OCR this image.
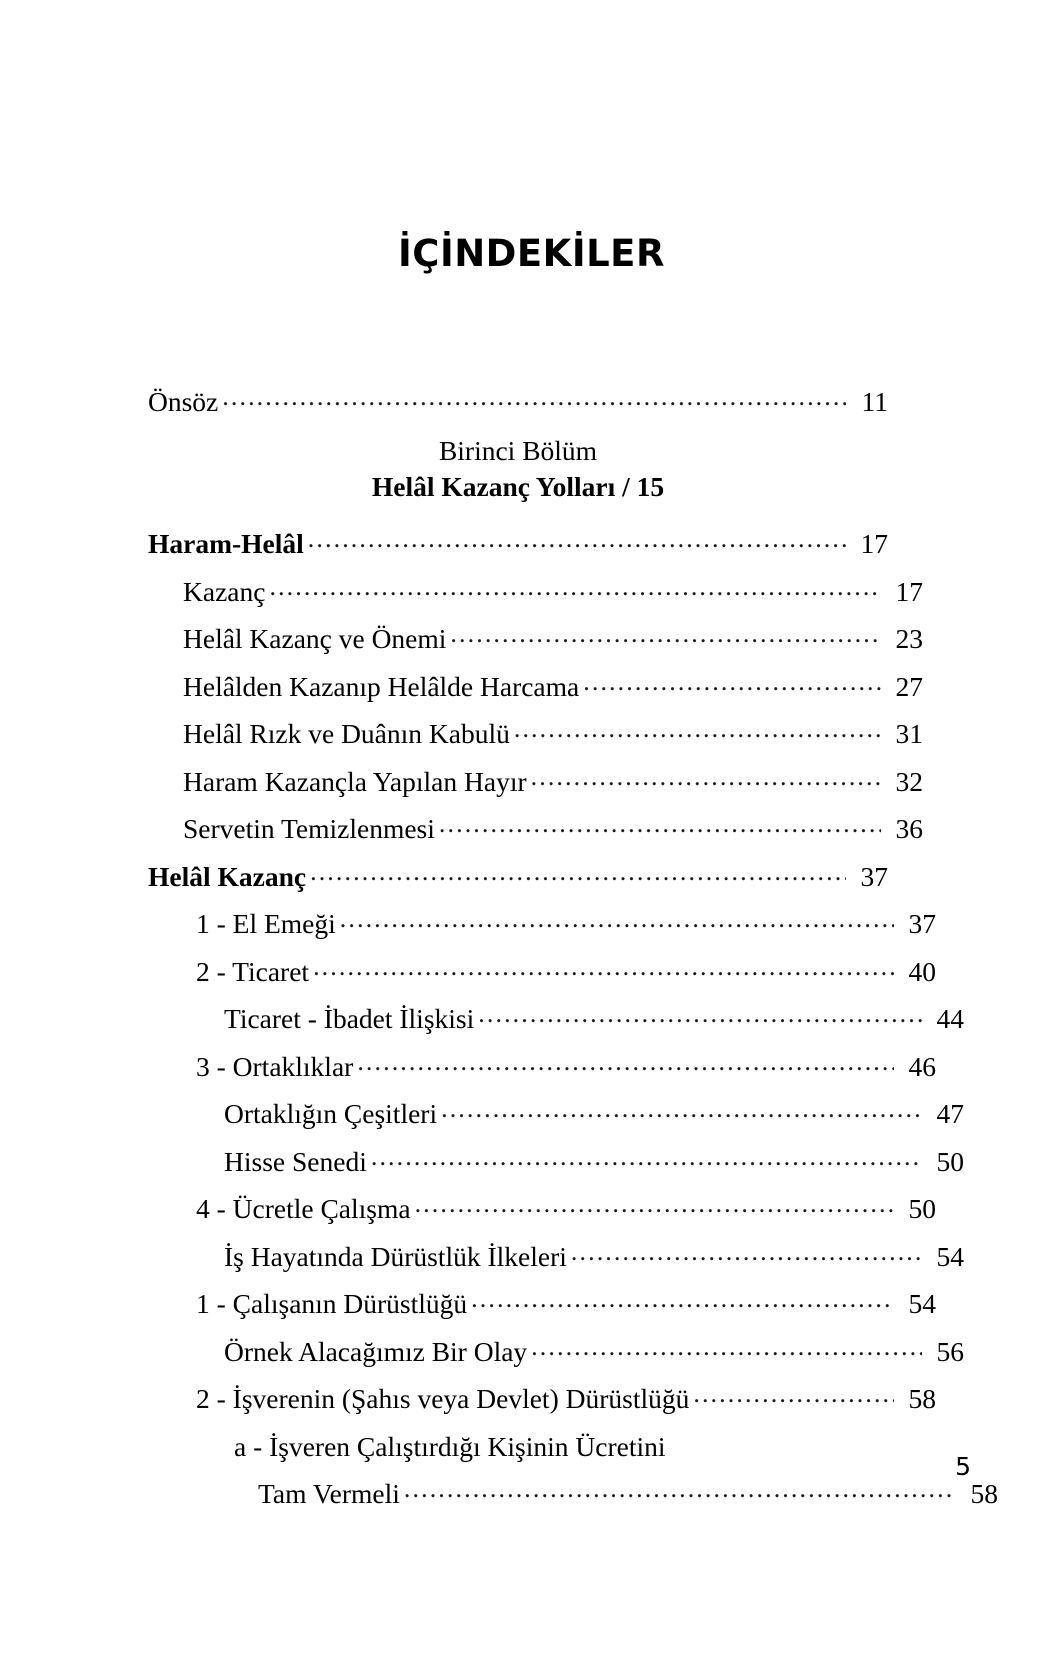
İÇİNDEKİLER
Önsöz .....	11
Birinci Bölüm
Helâl Kazanç Yolları / 15
Haram-Helâl .....	17
Kazanç .....	17
Helâl Kazanç ve Önemi .....	23
Helâlden Kazanıp Helâlde Harcama .....	27
Helâl Rızk ve Duânın Kabulü .....	31
Haram Kazançla Yapılan Hayır .....	32
Servetin Temizlenmesi .....	36
Helâl Kazanç .....	37
1 - El Emeği .....	37
2 - Ticaret .....	40
Ticaret - İbadet İlişkisi .....	44
3 - Ortaklıklar .....	46
Ortaklığın Çeşitleri .....	47
Hisse Senedi .....	50
4 - Ücretle Çalışma .....	50
İş Hayatında Dürüstlük İlkeleri .....	54
1 - Çalışanın Dürüstlüğü .....	54
Örnek Alacağımız Bir Olay .....	56
2 - İşverenin (Şahıs veya Devlet) Dürüstlüğü .....	58
a - İşveren Çalıştırdığı Kişinin Ücretini
Tam Vermeli .....	58
5
